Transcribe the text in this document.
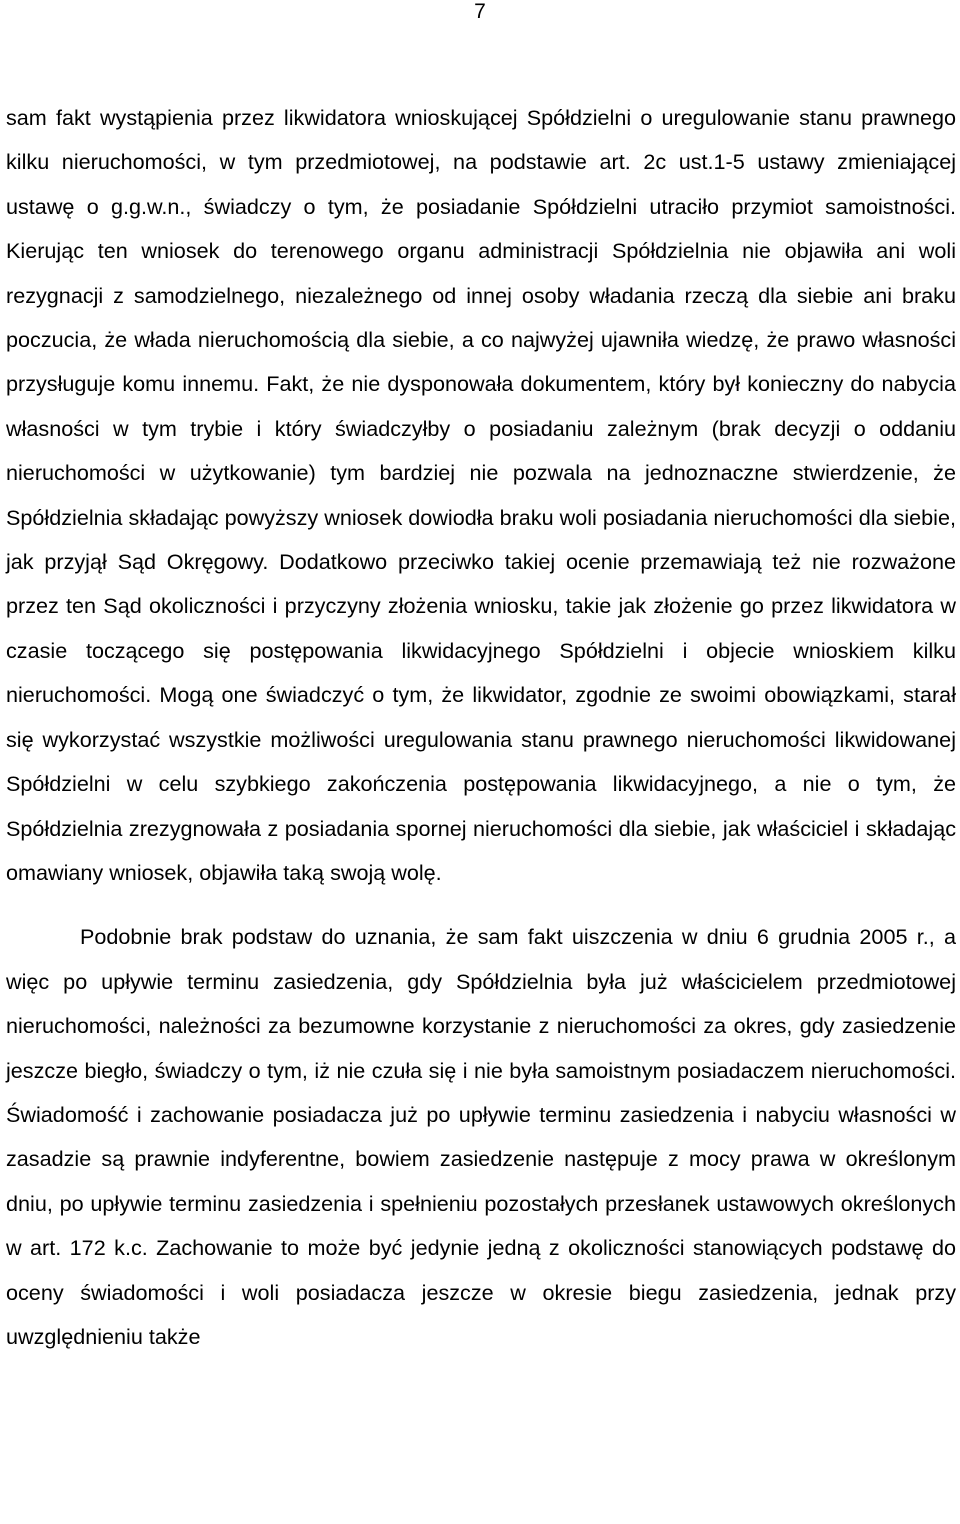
7

sam fakt wystąpienia przez likwidatora wnioskującej Spółdzielni o uregulowanie stanu prawnego kilku nieruchomości, w tym przedmiotowej, na podstawie art. 2c ust.1-5 ustawy zmieniającej ustawę o g.g.w.n., świadczy o tym, że posiadanie Spółdzielni utraciło przymiot samoistności. Kierując ten wniosek do terenowego organu administracji Spółdzielnia nie objawiła ani woli rezygnacji z samodzielnego, niezależnego od innej osoby władania rzeczą dla siebie ani braku poczucia, że włada nieruchomością dla siebie, a co najwyżej ujawniła wiedzę, że prawo własności przysługuje komu innemu. Fakt, że nie dysponowała dokumentem, który był konieczny do nabycia własności w tym trybie i który świadczyłby o posiadaniu zależnym (brak decyzji o oddaniu nieruchomości w użytkowanie) tym bardziej nie pozwala na jednoznaczne stwierdzenie, że Spółdzielnia składając powyższy wniosek dowiodła braku woli posiadania nieruchomości dla siebie, jak przyjął Sąd Okręgowy. Dodatkowo przeciwko takiej ocenie przemawiają też nie rozważone przez ten Sąd okoliczności i przyczyny złożenia wniosku, takie jak złożenie go przez likwidatora w czasie toczącego się postępowania likwidacyjnego Spółdzielni i objecie wnioskiem kilku nieruchomości. Mogą one świadczyć o tym, że likwidator, zgodnie ze swoimi obowiązkami, starał się wykorzystać wszystkie możliwości uregulowania stanu prawnego nieruchomości likwidowanej Spółdzielni w celu szybkiego zakończenia postępowania likwidacyjnego, a nie o tym, że Spółdzielnia zrezygnowała z posiadania spornej nieruchomości dla siebie, jak właściciel i składając omawiany wniosek, objawiła taką swoją wolę.

Podobnie brak podstaw do uznania, że sam fakt uiszczenia w dniu 6 grudnia 2005 r., a więc po upływie terminu zasiedzenia, gdy Spółdzielnia była już właścicielem przedmiotowej nieruchomości, należności za bezumowne korzystanie z nieruchomości za okres, gdy zasiedzenie jeszcze biegło, świadczy o tym, iż nie czuła się i nie była samoistnym posiadaczem nieruchomości. Świadomość i zachowanie posiadacza już po upływie terminu zasiedzenia i nabyciu własności w zasadzie są prawnie indyferentne, bowiem zasiedzenie następuje z mocy prawa w określonym dniu, po upływie terminu zasiedzenia i spełnieniu pozostałych przesłanek ustawowych określonych w art. 172 k.c. Zachowanie to może być jedynie jedną z okoliczności stanowiących podstawę do oceny świadomości i woli posiadacza jeszcze w okresie biegu zasiedzenia, jednak przy uwzględnieniu także
